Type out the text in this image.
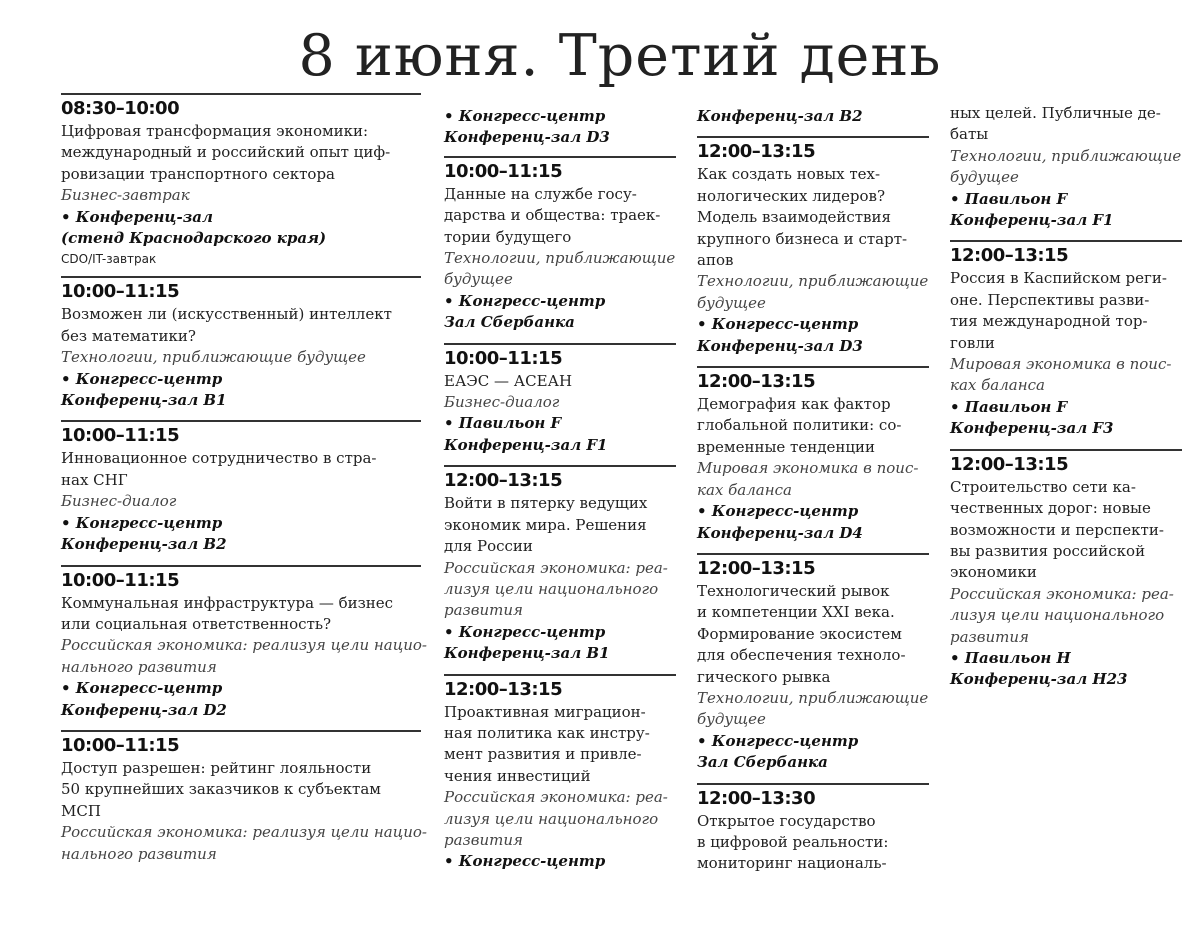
8 июня. Третий день
08:30–10:00
Цифровая трансформация экономики:
международный и российский опыт циф-
ровизации транспортного сектора
Бизнес-завтрак
• Конференц-зал
(стенд Краснодарского края)
CDO/IT-завтрак
10:00–11:15
Возможен ли (искусственный) интеллект
без математики?
Технологии, приближающие будущее
• Конгресс-центр
Конференц-зал B1
10:00–11:15
Инновационное сотрудничество в стра-
нах СНГ
Бизнес-диалог
• Конгресс-центр
Конференц-зал B2
10:00–11:15
Коммунальная инфраструктура — бизнес
или социальная ответственность?
Российская экономика: реализуя цели нацио-
нального развития
• Конгресс-центр
Конференц-зал D2
10:00–11:15
Доступ разрешен: рейтинг лояльности
50 крупнейших заказчиков к субъектам
МСП
Российская экономика: реализуя цели нацио-
нального развития
• Конгресс-центр
Конференц-зал D3
10:00–11:15
Данные на службе госу-
дарства и общества: траек-
тории будущего
Технологии, приближающие
будущее
• Конгресс-центр
Зал Сбербанка
10:00–11:15
ЕАЭС — АСЕАН
Бизнес-диалог
• Павильон F
Конференц-зал F1
12:00–13:15
Войти в пятерку ведущих
экономик мира. Решения
для России
Российская экономика: реа-
лизуя цели национального
развития
• Конгресс-центр
Конференц-зал B1
12:00–13:15
Проактивная миграцион-
ная политика как инстру-
мент развития и привле-
чения инвестиций
Российская экономика: реа-
лизуя цели национального
развития
• Конгресс-центр
Конференц-зал B2
12:00–13:15
Как создать новых тех-
нологических лидеров?
Модель взаимодействия
крупного бизнеса и старт-
апов
Технологии, приближающие
будущее
• Конгресс-центр
Конференц-зал D3
12:00–13:15
Демография как фактор
глобальной политики: со-
временные тенденции
Мировая экономика в поис-
ках баланса
• Конгресс-центр
Конференц-зал D4
12:00–13:15
Технологический рывок
и компетенции XXI века.
Формирование экосистем
для обеспечения техноло-
гического рывка
Технологии, приближающие
будущее
• Конгресс-центр
Зал Сбербанка
12:00–13:30
Открытое государство
в цифровой реальности:
мониторинг националь-
ных целей. Публичные де-
баты
Технологии, приближающие
будущее
• Павильон F
Конференц-зал F1
12:00–13:15
Россия в Каспийском реги-
оне. Перспективы разви-
тия международной тор-
говли
Мировая экономика в поис-
ках баланса
• Павильон F
Конференц-зал F3
12:00–13:15
Строительство сети ка-
чественных дорог: новые
возможности и перспекти-
вы развития российской
экономики
Российская экономика: реа-
лизуя цели национального
развития
• Павильон H
Конференц-зал H23
